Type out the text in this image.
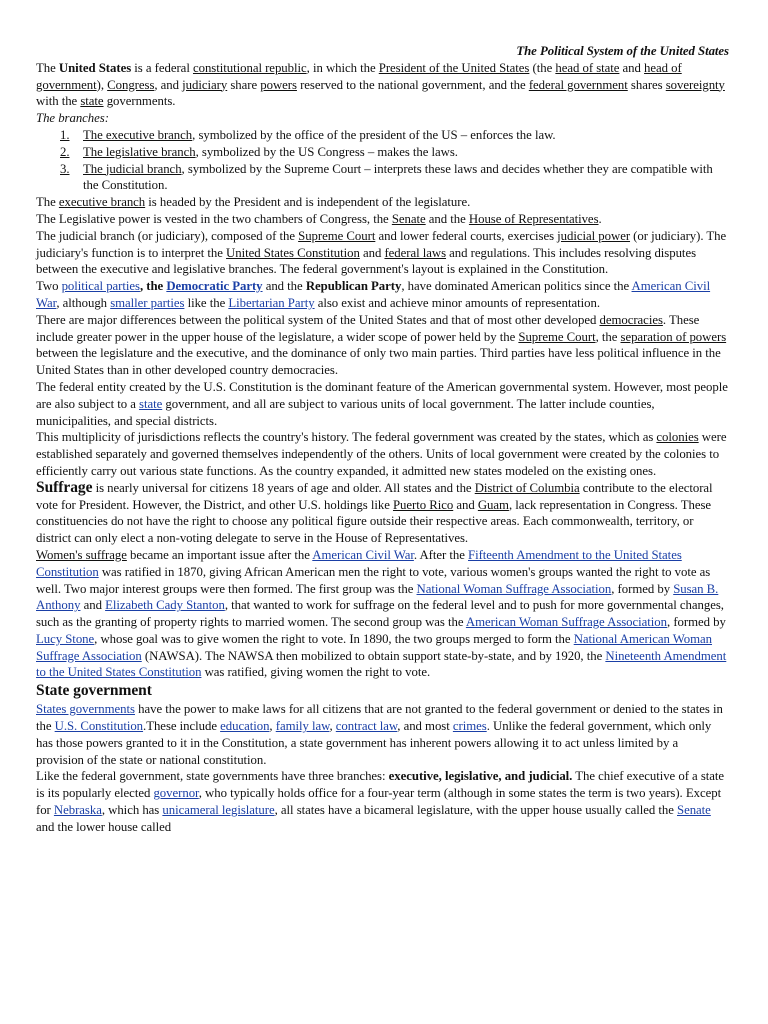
The Political System of the United States

The United States is a federal constitutional republic, in which the President of the United States (the head of state and head of government), Congress, and judiciary share powers reserved to the national government, and the federal government shares sovereignty with the state governments.

The branches:

1.	The executive branch, symbolized by the office of the president of the US – enforces the law.
2.	The legislative branch, symbolized by the US Congress – makes the laws.
3.	The judicial branch, symbolized by the Supreme Court – interprets these laws and decides whether they are compatible with the Constitution.

The executive branch is headed by the President and is independent of the legislature.

The Legislative power is vested in the two chambers of Congress, the Senate and the House of Representatives.

The judicial branch (or judiciary), composed of the Supreme Court and lower federal courts, exercises judicial power (or judiciary). The judiciary's function is to interpret the United States Constitution and federal laws and regulations. This includes resolving disputes between the executive and legislative branches. The federal government's layout is explained in the Constitution.

Two political parties, the Democratic Party and the Republican Party, have dominated American politics since the American Civil War, although smaller parties like the Libertarian Party also exist and achieve minor amounts of representation.

There are major differences between the political system of the United States and that of most other developed democracies. These include greater power in the upper house of the legislature, a wider scope of power held by the Supreme Court, the separation of powers between the legislature and the executive, and the dominance of only two main parties. Third parties have less political influence in the United States than in other developed country democracies.

The federal entity created by the U.S. Constitution is the dominant feature of the American governmental system. However, most people are also subject to a state government, and all are subject to various units of local government. The latter include counties, municipalities, and special districts.

This multiplicity of jurisdictions reflects the country's history. The federal government was created by the states, which as colonies were established separately and governed themselves independently of the others. Units of local government were created by the colonies to efficiently carry out various state functions. As the country expanded, it admitted new states modeled on the existing ones.

Suffrage is nearly universal for citizens 18 years of age and older. All states and the District of Columbia contribute to the electoral vote for President. However, the District, and other U.S. holdings like Puerto Rico and Guam, lack representation in Congress. These constituencies do not have the right to choose any political figure outside their respective areas. Each commonwealth, territory, or district can only elect a non-voting delegate to serve in the House of Representatives.

Women's suffrage became an important issue after the American Civil War. After the Fifteenth Amendment to the United States Constitution was ratified in 1870, giving African American men the right to vote, various women's groups wanted the right to vote as well. Two major interest groups were then formed. The first group was the National Woman Suffrage Association, formed by Susan B. Anthony and Elizabeth Cady Stanton, that wanted to work for suffrage on the federal level and to push for more governmental changes, such as the granting of property rights to married women. The second group was the American Woman Suffrage Association, formed by Lucy Stone, whose goal was to give women the right to vote. In 1890, the two groups merged to form the National American Woman Suffrage Association (NAWSA). The NAWSA then mobilized to obtain support state-by-state, and by 1920, the Nineteenth Amendment to the United States Constitution was ratified, giving women the right to vote.

State government

States governments have the power to make laws for all citizens that are not granted to the federal government or denied to the states in the U.S. Constitution.These include education, family law, contract law, and most crimes. Unlike the federal government, which only has those powers granted to it in the Constitution, a state government has inherent powers allowing it to act unless limited by a provision of the state or national constitution.

Like the federal government, state governments have three branches: executive, legislative, and judicial. The chief executive of a state is its popularly elected governor, who typically holds office for a four-year term (although in some states the term is two years). Except for Nebraska, which has unicameral legislature, all states have a bicameral legislature, with the upper house usually called the Senate and the lower house called
